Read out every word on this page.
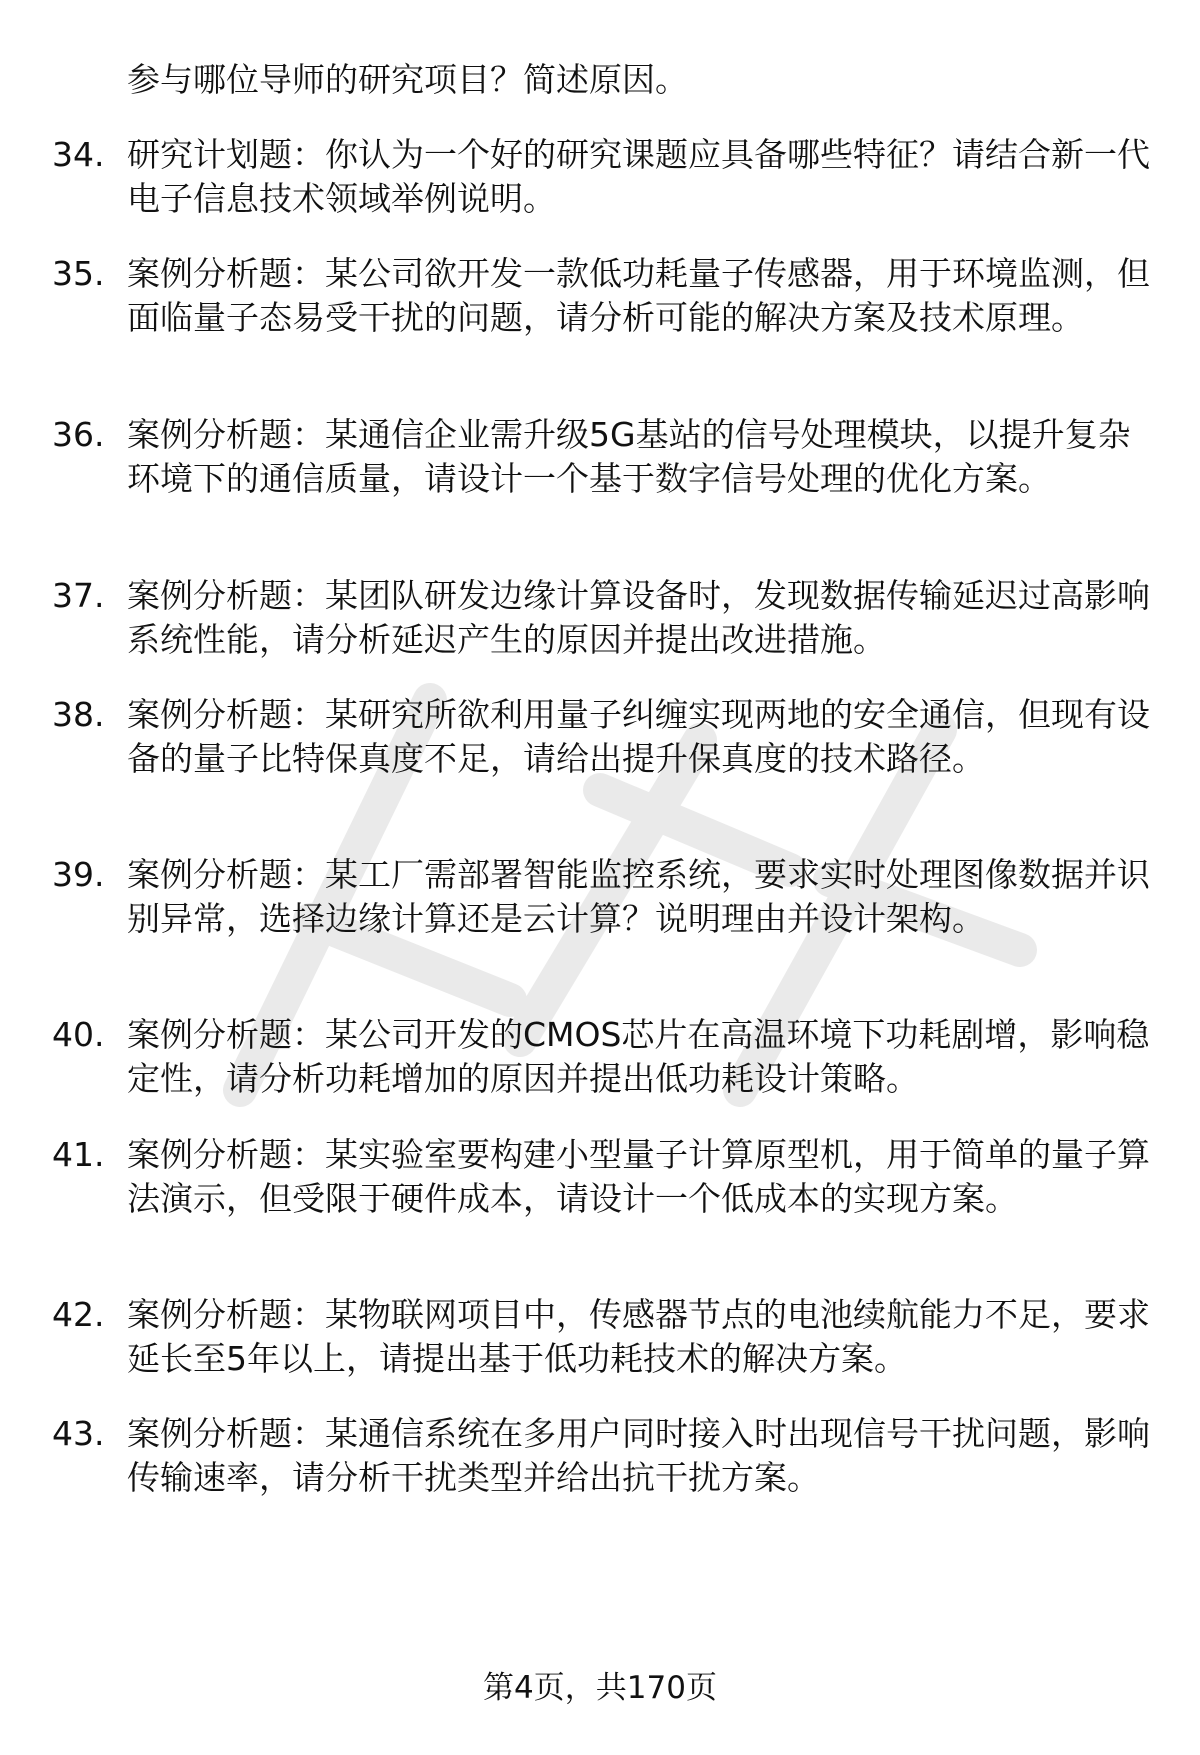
参与哪位导师的研究项目？简述原因。
34. 研究计划题：你认为一个好的研究课题应具备哪些特征？请结合新一代电子信息技术领域举例说明。
35. 案例分析题：某公司欲开发一款低功耗量子传感器，用于环境监测，但面临量子态易受干扰的问题，请分析可能的解决方案及技术原理。
36. 案例分析题：某通信企业需升级5G基站的信号处理模块，以提升复杂环境下的通信质量，请设计一个基于数字信号处理的优化方案。
37. 案例分析题：某团队研发边缘计算设备时，发现数据传输延迟过高影响系统性能，请分析延迟产生的原因并提出改进措施。
38. 案例分析题：某研究所欲利用量子纠缠实现两地的安全通信，但现有设备的量子比特保真度不足，请给出提升保真度的技术路径。
39. 案例分析题：某工厂需部署智能监控系统，要求实时处理图像数据并识别异常，选择边缘计算还是云计算？说明理由并设计架构。
40. 案例分析题：某公司开发的CMOS芯片在高温环境下功耗剧增，影响稳定性，请分析功耗增加的原因并提出低功耗设计策略。
41. 案例分析题：某实验室要构建小型量子计算原型机，用于简单的量子算法演示，但受限于硬件成本，请设计一个低成本的实现方案。
42. 案例分析题：某物联网项目中，传感器节点的电池续航能力不足，要求延长至5年以上，请提出基于低功耗技术的解决方案。
43. 案例分析题：某通信系统在多用户同时接入时出现信号干扰问题，影响传输速率，请分析干扰类型并给出抗干扰方案。
第4页，共170页
